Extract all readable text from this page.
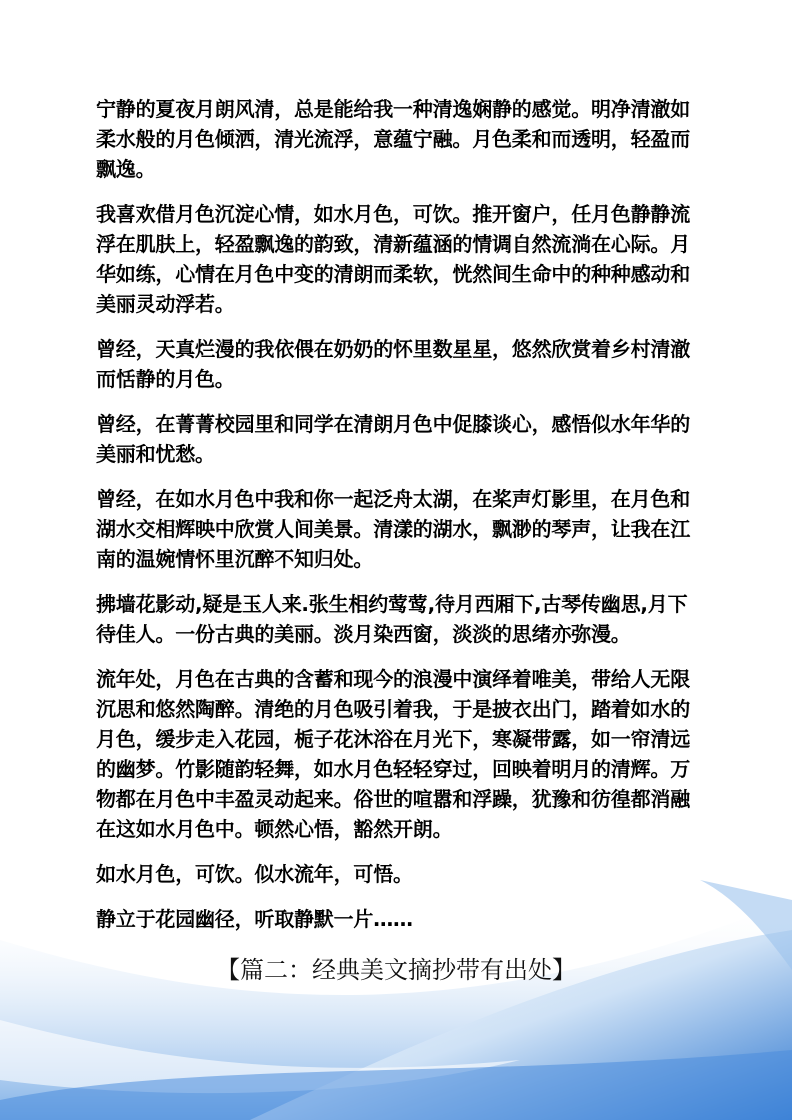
宁静的夏夜月朗风清，总是能给我一种清逸娴静的感觉。明净清澈如
柔水般的月色倾洒，清光流浮，意蕴宁融。月色柔和而透明，轻盈而
飘逸。
我喜欢借月色沉淀心情，如水月色，可饮。推开窗户，任月色静静流
浮在肌肤上，轻盈飘逸的韵致，清新蕴涵的情调自然流淌在心际。月
华如练，心情在月色中变的清朗而柔软，恍然间生命中的种种感动和
美丽灵动浮若。
曾经，天真烂漫的我依偎在奶奶的怀里数星星，悠然欣赏着乡村清澈
而恬静的月色。
曾经，在菁菁校园里和同学在清朗月色中促膝谈心，感悟似水年华的
美丽和忧愁。
曾经，在如水月色中我和你一起泛舟太湖，在桨声灯影里，在月色和
湖水交相辉映中欣赏人间美景。清漾的湖水，飘渺的琴声，让我在江
南的温婉情怀里沉醉不知归处。
拂墙花影动,疑是玉人来.张生相约莺莺,待月西厢下,古琴传幽思,月下
待佳人。一份古典的美丽。淡月染西窗，淡淡的思绪亦弥漫。
流年处，月色在古典的含蓄和现今的浪漫中演绎着唯美，带给人无限
沉思和悠然陶醉。清绝的月色吸引着我，于是披衣出门，踏着如水的
月色，缓步走入花园，栀子花沐浴在月光下，寒凝带露，如一帘清远
的幽梦。竹影随韵轻舞，如水月色轻轻穿过，回映着明月的清辉。万
物都在月色中丰盈灵动起来。俗世的喧嚣和浮躁，犹豫和彷徨都消融
在这如水月色中。顿然心悟，豁然开朗。
如水月色，可饮。似水流年，可悟。
静立于花园幽径，听取静默一片……
【篇二：经典美文摘抄带有出处】
